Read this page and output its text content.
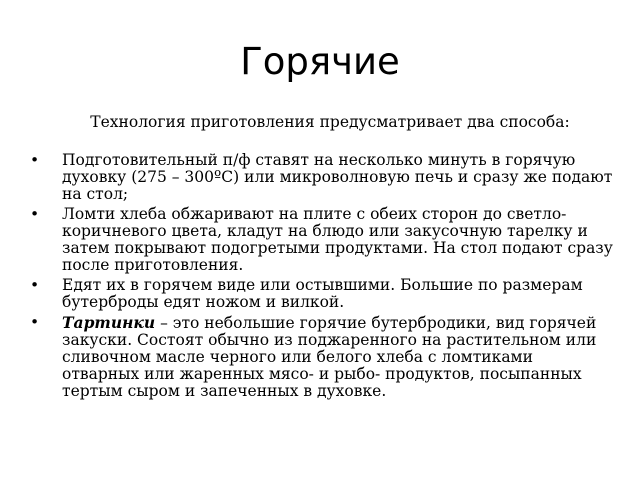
Горячие

Технология приготовления предусматривает два способа:

•	Подготовительный п/ф ставят на несколько минуть в горячую духовку (275 – 300ºС) или микроволновую печь и сразу же подают на стол;
•	Ломти хлеба обжаривают на плите с обеих сторон до светло-коричневого цвета, кладут на блюдо или закусочную тарелку и затем покрывают подогретыми продуктами. На стол подают сразу после приготовления.
•	Едят их в горячем виде или остывшими. Большие по размерам бутерброды едят ножом и вилкой.
•	Тартинки – это небольшие горячие бутербродики, вид горячей закуски. Состоят обычно из поджаренного на растительном или сливочном масле черного или белого хлеба с ломтиками отварных или жаренных мясо- и рыбо- продуктов, посыпанных тертым сыром и запеченных в духовке.
